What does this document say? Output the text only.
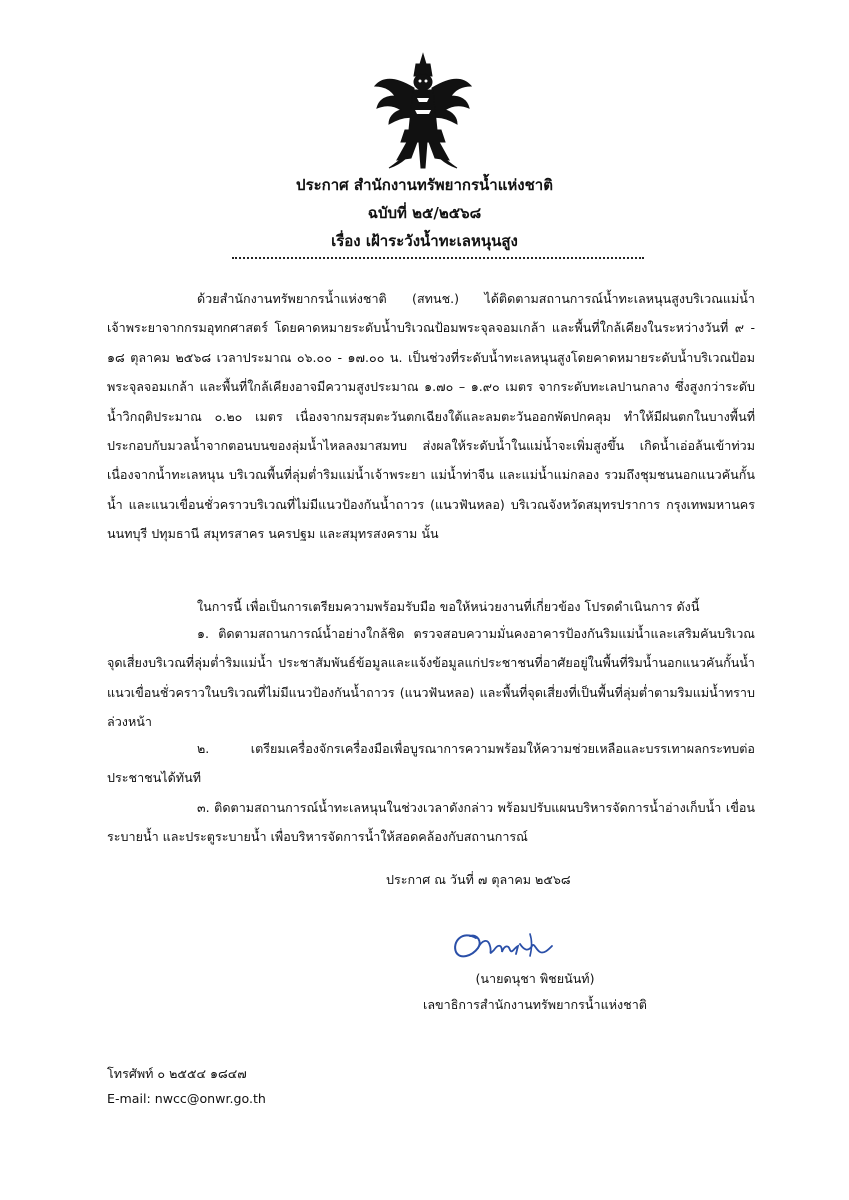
ประกาศ สำนักงานทรัพยากรน้ำแห่งชาติ
ฉบับที่ ๒๕/๒๕๖๘
เรื่อง เฝ้าระวังน้ำทะเลหนุนสูง
ด้วยสำนักงานทรัพยากรน้ำแห่งชาติ (สทนช.) ได้ติดตามสถานการณ์น้ำทะเลหนุนสูงบริเวณแม่น้ำเจ้าพระยาจากกรมอุทกศาสตร์ โดยคาดหมายระดับน้ำบริเวณป้อมพระจุลจอมเกล้า และพื้นที่ใกล้เคียงในระหว่างวันที่ ๙ - ๑๘ ตุลาคม ๒๕๖๘ เวลาประมาณ ๐๖.๐๐ - ๑๗.๐๐ น. เป็นช่วงที่ระดับน้ำทะเลหนุนสูงโดยคาดหมายระดับน้ำบริเวณป้อมพระจุลจอมเกล้า และพื้นที่ใกล้เคียงอาจมีความสูงประมาณ ๑.๗๐ – ๑.๙๐ เมตร จากระดับทะเลปานกลาง ซึ่งสูงกว่าระดับน้ำวิกฤติประมาณ ๐.๒๐ เมตร เนื่องจากมรสุมตะวันตกเฉียงใต้และลมตะวันออกพัดปกคลุม ทำให้มีฝนตกในบางพื้นที่ ประกอบกับมวลน้ำจากตอนบนของลุ่มน้ำไหลลงมาสมทบ ส่งผลให้ระดับน้ำในแม่น้ำจะเพิ่มสูงขึ้น เกิดน้ำเอ่อล้นเข้าท่วม เนื่องจากน้ำทะเลหนุน บริเวณพื้นที่ลุ่มต่ำริมแม่น้ำเจ้าพระยา แม่น้ำท่าจีน และแม่น้ำแม่กลอง รวมถึงชุมชนนอกแนวคันกั้นน้ำ และแนวเขื่อนชั่วคราวบริเวณที่ไม่มีแนวป้องกันน้ำถาวร (แนวฟันหลอ) บริเวณจังหวัดสมุทรปราการ กรุงเทพมหานคร นนทบุรี ปทุมธานี สมุทรสาคร นครปฐม และสมุทรสงคราม นั้น
ในการนี้ เพื่อเป็นการเตรียมความพร้อมรับมือ ขอให้หน่วยงานที่เกี่ยวข้อง โปรดดำเนินการ ดังนี้
๑. ติดตามสถานการณ์น้ำอย่างใกล้ชิด ตรวจสอบความมั่นคงอาคารป้องกันริมแม่น้ำและเสริมคันบริเวณจุดเสี่ยงบริเวณที่ลุ่มต่ำริมแม่น้ำ ประชาสัมพันธ์ข้อมูลและแจ้งข้อมูลแก่ประชาชนที่อาศัยอยู่ในพื้นที่ริมน้ำนอกแนวคันกั้นน้ำ แนวเขื่อนชั่วคราวในบริเวณที่ไม่มีแนวป้องกันน้ำถาวร (แนวฟันหลอ) และพื้นที่จุดเสี่ยงที่เป็นพื้นที่ลุ่มต่ำตามริมแม่น้ำทราบล่วงหน้า
๒. เตรียมเครื่องจักรเครื่องมือเพื่อบูรณาการความพร้อมให้ความช่วยเหลือและบรรเทาผลกระทบต่อประชาชนได้ทันที
๓. ติดตามสถานการณ์น้ำทะเลหนุนในช่วงเวลาดังกล่าว พร้อมปรับแผนบริหารจัดการน้ำอ่างเก็บน้ำ เขื่อนระบายน้ำ และประตูระบายน้ำ เพื่อบริหารจัดการน้ำให้สอดคล้องกับสถานการณ์
ประกาศ ณ วันที่ ๗ ตุลาคม ๒๕๖๘
(นายดนุชา พิชยนันท์)
เลขาธิการสำนักงานทรัพยากรน้ำแห่งชาติ
โทรศัพท์ ๐ ๒๕๕๔ ๑๘๔๗
E-mail: nwcc@onwr.go.th
